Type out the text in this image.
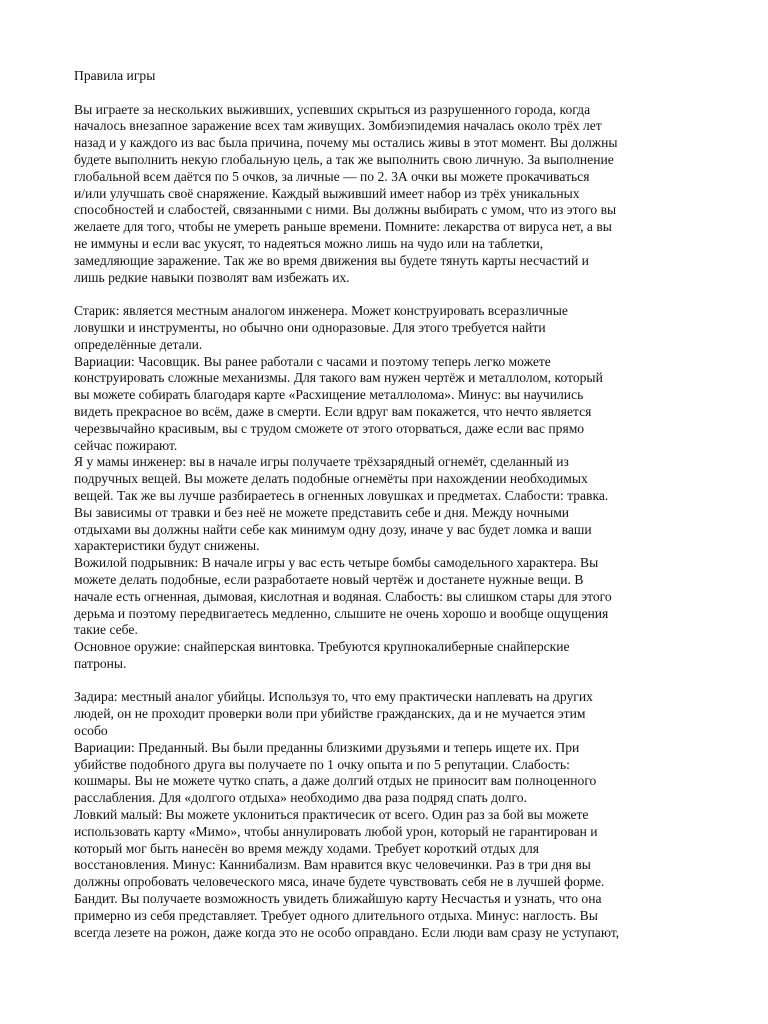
Правила игры

Вы играете за нескольких выживших, успевших скрыться из разрушенного города, когда

началось внезапное заражение всех там живущих. Зомбиэпидемия началась около трёх лет

назад и у каждого из вас была причина, почему мы остались живы в этот момент. Вы должны

будете выполнить некую глобальную цель, а так же выполнить свою личную. За выполнение

глобальной всем даётся по 5 очков, за личные — по 2. 3А очки вы можете прокачиваться

и/или улучшать своё снаряжение. Каждый выживший имеет набор из трёх уникальных

способностей и слабостей, связанными с ними. Вы должны выбирать с умом, что из этого вы

желаете для того, чтобы не умереть раньше времени. Помните: лекарства от вируса нет, а вы

не иммуны и если вас укусят, то надеяться можно лишь на чудо или на таблетки,

замедляющие заражение. Так же во время движения вы будете тянуть карты несчастий и

лишь редкие навыки позволят вам избежать их.

Старик: является местным аналогом инженера. Может конструировать всеразличные

ловушки и инструменты, но обычно они одноразовые. Для этого требуется найти

определённые детали.

Вариации: Часовщик. Вы ранее работали с часами и поэтому теперь легко можете

конструировать сложные механизмы. Для такого вам нужен чертёж и металлолом, который

вы можете собирать благодаря карте «Расхищение металлолома». Минус: вы научились

видеть прекрасное во всём, даже в смерти. Если вдруг вам покажется, что нечто является

черезвычайно красивым, вы с трудом сможете от этого оторваться, даже если вас прямо

сейчас пожирают.

Я у мамы инженер: вы в начале игры получаете трёхзарядный огнемёт, сделанный из

подручных вещей. Вы можете делать подобные огнемёты при нахождении необходимых

вещей. Так же вы лучше разбираетесь в огненных ловушках и предметах. Слабости: травка.

Вы зависимы от травки и без неё не можете представить себе и дня. Между ночными

отдыхами вы должны найти себе как минимум одну дозу, иначе у вас будет ломка и ваши

характеристики будут снижены.

Вожилой подрывник: В начале игры у вас есть четыре бомбы самодельного характера. Вы

можете делать подобные, если разработаете новый чертёж и достанете нужные вещи. В

начале есть огненная, дымовая, кислотная и водяная. Слабость: вы слишком стары для этого

дерьма и поэтому передвигаетесь медленно, слышите не очень хорошо и вообще ощущения

такие себе.

Основное оружие: снайперская винтовка. Требуются крупнокалиберные снайперские

патроны.

Задира: местный аналог убийцы. Используя то, что ему практически наплевать на других

людей, он не проходит проверки воли при убийстве гражданских, да и не мучается этим

особо

Вариации: Преданный. Вы были преданны близкими друзьями и теперь ищете их. При

убийстве подобного друга вы получаете по 1 очку опыта и по 5 репутации. Слабость:

кошмары. Вы не можете чутко спать, а даже долгий отдых не приносит вам полноценного

расслабления. Для «долгого отдыха» необходимо два раза подряд спать долго.

Ловкий малый: Вы можете уклониться практичесик от всего. Один раз за бой вы можете

использовать карту «Мимо», чтобы аннулировать любой урон, который не гарантирован и

который мог быть нанесён во время между ходами. Требует короткий отдых для

восстановления. Минус: Каннибализм. Вам нравится вкус человечинки. Раз в три дня вы

должны опробовать человеческого мяса, иначе будете чувствовать себя не в лучшей форме.

Бандит. Вы получаете возможность увидеть ближайшую карту Несчастья и узнать, что она

примерно из себя представляет. Требует одного длительного отдыха. Минус: наглость. Вы

всегда лезете на рожон, даже когда это не особо оправдано. Если люди вам сразу не уступают,
